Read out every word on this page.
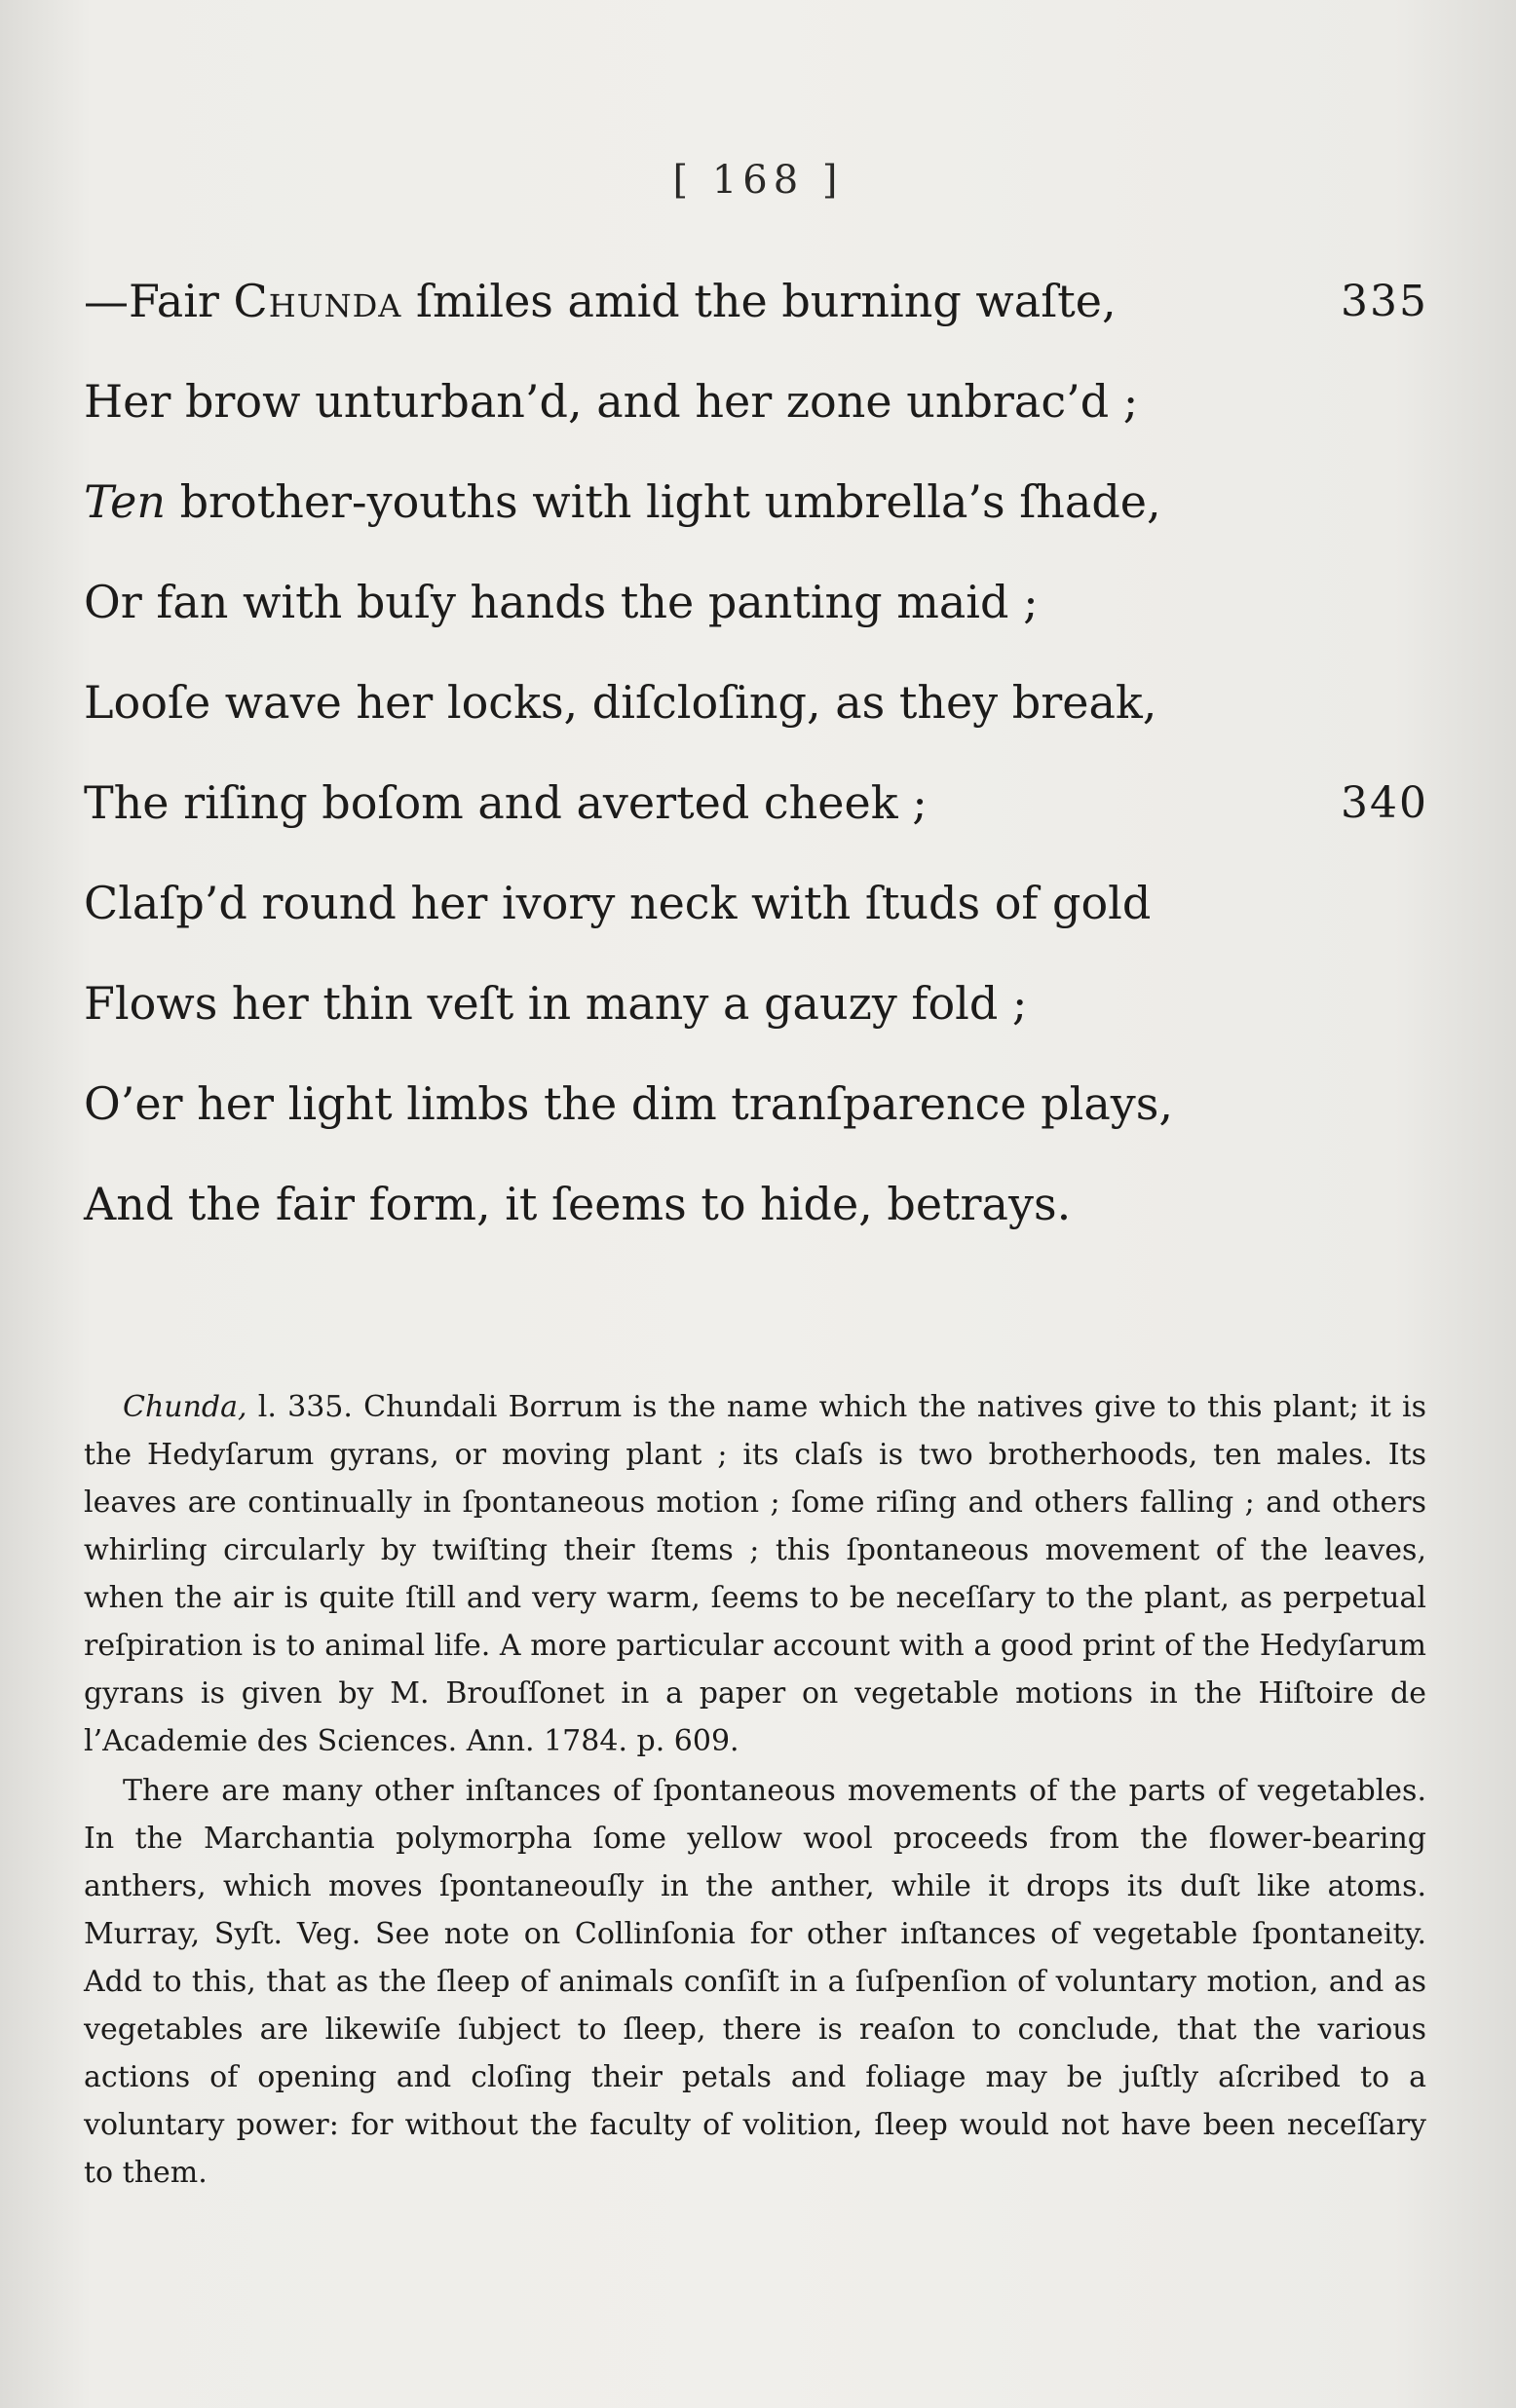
[ 168 ]
—Fair Chunda ſmiles amid the burning waſte,	335
Her brow unturban’d, and her zone unbrac’d ;
Ten brother-youths with light umbrella’s ſhade,
Or fan with buſy hands the panting maid ;
Looſe wave her locks, diſcloſing, as they break,
The riſing boſom and averted cheek ;	340
Claſp’d round her ivory neck with ſtuds of gold
Flows her thin veſt in many a gauzy fold ;
O’er her light limbs the dim tranſparence plays,
And the fair form, it ſeems to hide, betrays.

Chunda, l. 335. Chundali Borrum is the name which the natives give to this plant; it is the Hedyſarum gyrans, or moving plant ; its claſs is two brotherhoods, ten males. Its leaves are continually in ſpontaneous motion ; ſome riſing and others falling ; and others whirling circularly by twiſting their ſtems ; this ſpontaneous movement of the leaves, when the air is quite ſtill and very warm, ſeems to be neceſſary to the plant, as perpetual reſpiration is to animal life. A more particular account with a good print of the Hedyſarum gyrans is given by M. Brouſſonet in a paper on vegetable motions in the Hiſtoire de l’Academie des Sciences. Ann. 1784. p. 609.

There are many other inſtances of ſpontaneous movements of the parts of vegetables. In the Marchantia polymorpha ſome yellow wool proceeds from the flower-bearing anthers, which moves ſpontaneouſly in the anther, while it drops its duſt like atoms. Murray, Syſt. Veg. See note on Collinſonia for other inſtances of vegetable ſpontaneity. Add to this, that as the ſleep of animals conſiſt in a ſuſpenſion of voluntary motion, and as vegetables are likewiſe ſubject to ſleep, there is reaſon to conclude, that the various actions of opening and cloſing their petals and foliage may be juſtly aſcribed to a voluntary power: for without the faculty of volition, ſleep would not have been neceſſary to them.
